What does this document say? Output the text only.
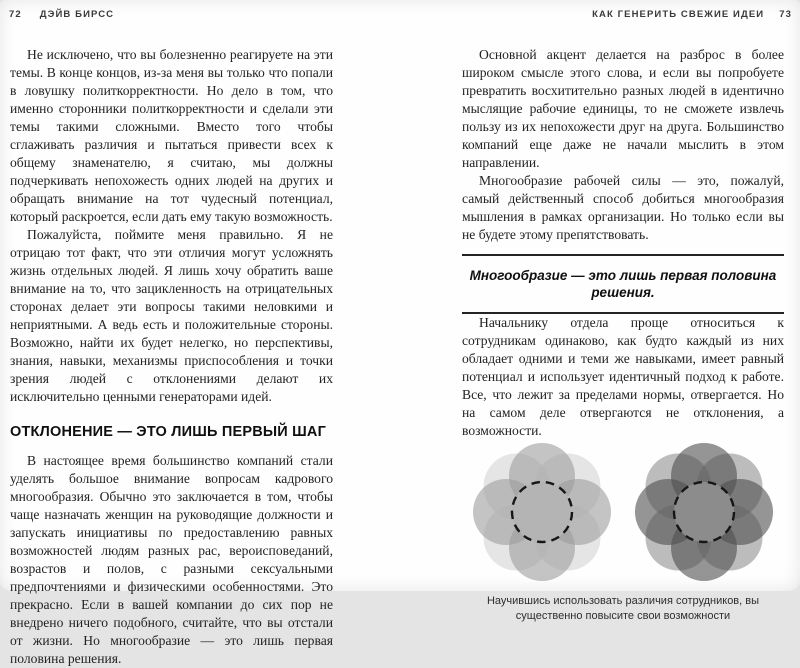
72 ДЭЙВ БИРСС	КАК ГЕНЕРИТЬ СВЕЖИЕ ИДЕИ 73

Не исключено, что вы болезненно реагируете на эти темы. В конце концов, из-за меня вы только что попали в ловушку политкорректности. Но дело в том, что именно сторонники политкорректности и сделали эти темы такими сложными. Вместо того чтобы сглаживать различия и пытаться привести всех к общему знаменателю, я считаю, мы должны подчеркивать непохожесть одних людей на других и обращать внимание на тот чудесный потенциал, который раскроется, если дать ему такую возможность.

Пожалуйста, поймите меня правильно. Я не отрицаю тот факт, что эти отличия могут усложнять жизнь отдельных людей. Я лишь хочу обратить ваше внимание на то, что зацикленность на отрицательных сторонах делает эти вопросы такими неловкими и неприятными. А ведь есть и положительные стороны. Возможно, найти их будет нелегко, но перспективы, знания, навыки, механизмы приспособления и точки зрения людей с отклонениями делают их исключительно ценными генераторами идей.

ОТКЛОНЕНИЕ — ЭТО ЛИШЬ ПЕРВЫЙ ШАГ

В настоящее время большинство компаний стали уделять большое внимание вопросам кадрового многообразия. Обычно это заключается в том, чтобы чаще назначать женщин на руководящие должности и запускать инициативы по предоставлению равных возможностей людям разных рас, вероисповеданий, возрастов и полов, с разными сексуальными предпочтениями и физическими особенностями. Это прекрасно. Если в вашей компании до сих пор не внедрено ничего подобного, считайте, что вы отстали от жизни. Но многообразие — это лишь первая половина решения.

Основной акцент делается на разброс в более широком смысле этого слова, и если вы попробуете превратить восхитительно разных людей в идентично мыслящие рабочие единицы, то не сможете извлечь пользу из их непохожести друг на друга. Большинство компаний еще даже не начали мыслить в этом направлении.

Многообразие рабочей силы — это, пожалуй, самый действенный способ добиться многообразия мышления в рамках организации. Но только если вы не будете этому препятствовать.

Многообразие — это лишь первая половина решения.

Начальнику отдела проще относиться к сотрудникам одинаково, как будто каждый из них обладает одними и теми же навыками, имеет равный потенциал и использует идентичный подход к работе. Все, что лежит за пределами нормы, отвергается. Но на самом деле отвергаются не отклонения, а возможности.

Научившись использовать различия сотрудников, вы существенно повысите свои возможности
